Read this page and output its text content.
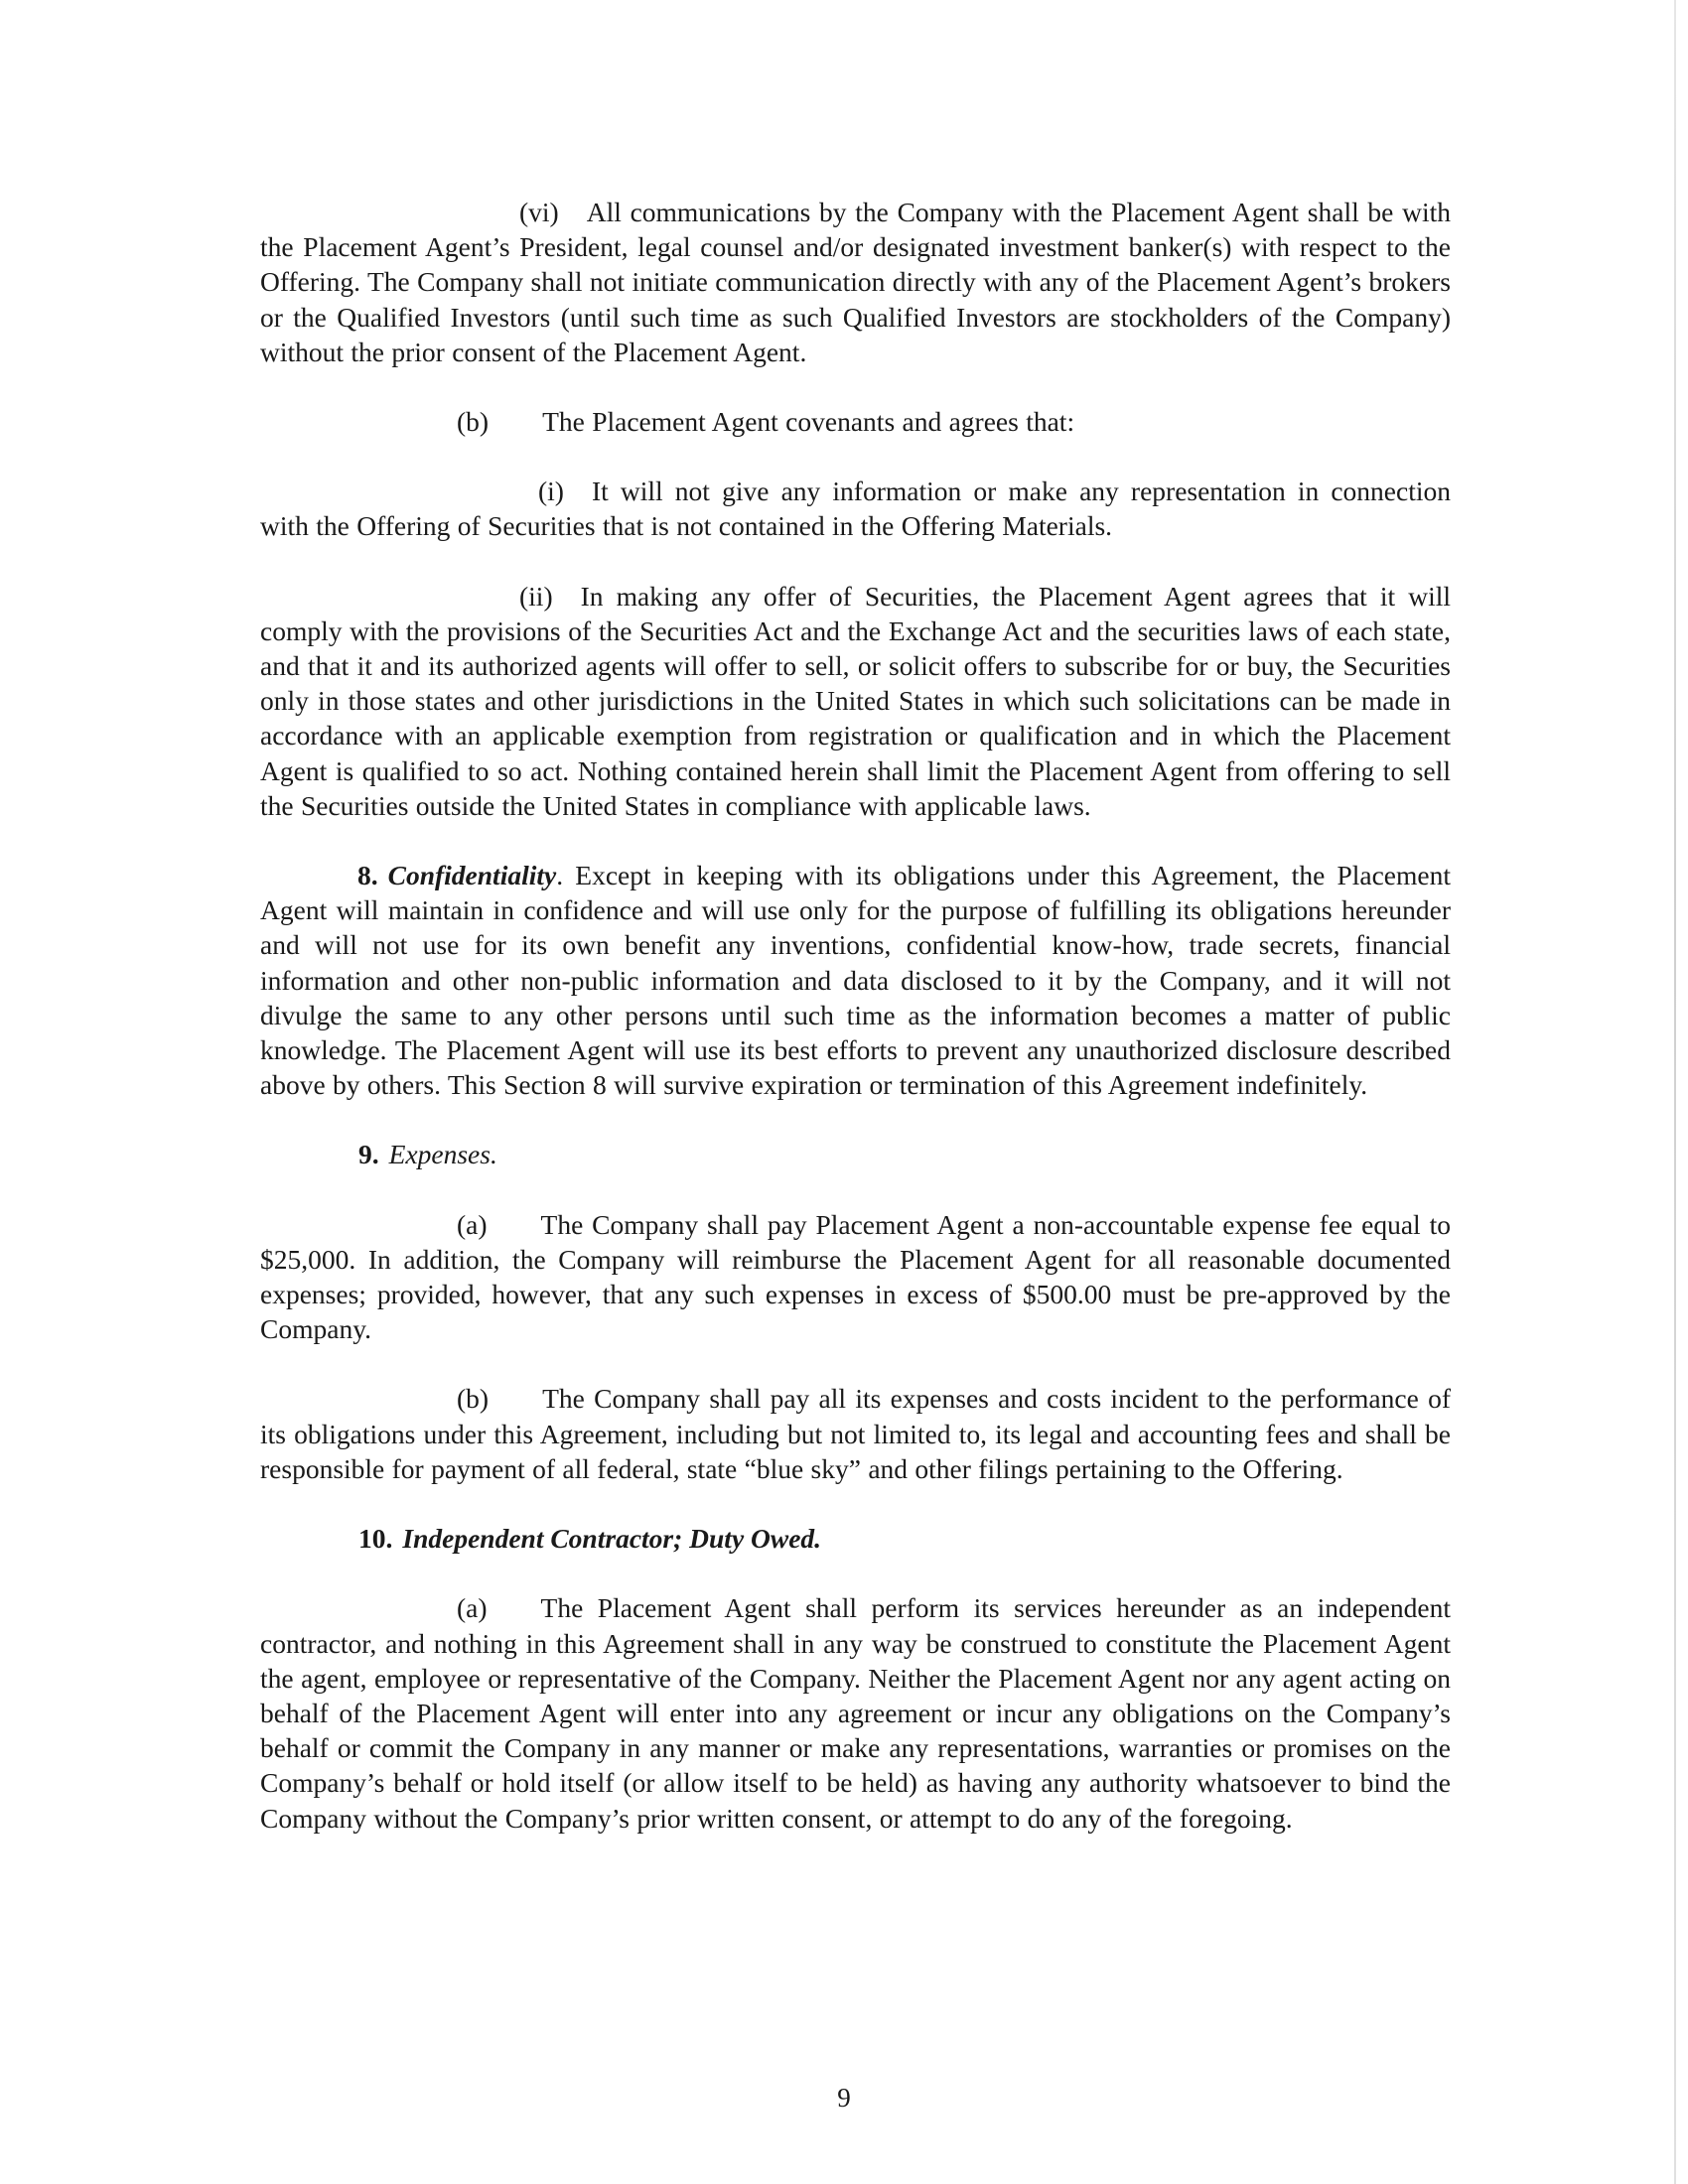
(vi) All communications by the Company with the Placement Agent shall be with the Placement Agent’s President, legal counsel and/or designated investment banker(s) with respect to the Offering. The Company shall not initiate communication directly with any of the Placement Agent’s brokers or the Qualified Investors (until such time as such Qualified Investors are stockholders of the Company) without the prior consent of the Placement Agent.

(b) The Placement Agent covenants and agrees that:

(i) It will not give any information or make any representation in connection with the Offering of Securities that is not contained in the Offering Materials.

(ii) In making any offer of Securities, the Placement Agent agrees that it will comply with the provisions of the Securities Act and the Exchange Act and the securities laws of each state, and that it and its authorized agents will offer to sell, or solicit offers to subscribe for or buy, the Securities only in those states and other jurisdictions in the United States in which such solicitations can be made in accordance with an applicable exemption from registration or qualification and in which the Placement Agent is qualified to so act. Nothing contained herein shall limit the Placement Agent from offering to sell the Securities outside the United States in compliance with applicable laws.

8. Confidentiality. Except in keeping with its obligations under this Agreement, the Placement Agent will maintain in confidence and will use only for the purpose of fulfilling its obligations hereunder and will not use for its own benefit any inventions, confidential know-how, trade secrets, financial information and other non-public information and data disclosed to it by the Company, and it will not divulge the same to any other persons until such time as the information becomes a matter of public knowledge. The Placement Agent will use its best efforts to prevent any unauthorized disclosure described above by others. This Section 8 will survive expiration or termination of this Agreement indefinitely.

9. Expenses.

(a) The Company shall pay Placement Agent a non-accountable expense fee equal to $25,000. In addition, the Company will reimburse the Placement Agent for all reasonable documented expenses; provided, however, that any such expenses in excess of $500.00 must be pre-approved by the Company.

(b) The Company shall pay all its expenses and costs incident to the performance of its obligations under this Agreement, including but not limited to, its legal and accounting fees and shall be responsible for payment of all federal, state “blue sky” and other filings pertaining to the Offering.

10. Independent Contractor; Duty Owed.

(a) The Placement Agent shall perform its services hereunder as an independent contractor, and nothing in this Agreement shall in any way be construed to constitute the Placement Agent the agent, employee or representative of the Company. Neither the Placement Agent nor any agent acting on behalf of the Placement Agent will enter into any agreement or incur any obligations on the Company’s behalf or commit the Company in any manner or make any representations, warranties or promises on the Company’s behalf or hold itself (or allow itself to be held) as having any authority whatsoever to bind the Company without the Company’s prior written consent, or attempt to do any of the foregoing.

9
